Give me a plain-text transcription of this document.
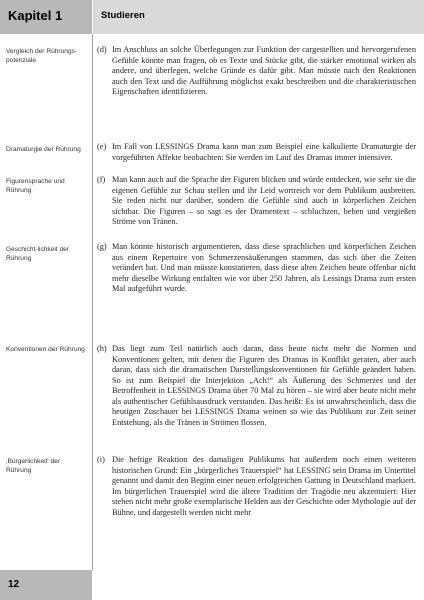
Kapitel 1	Studieren
Vergleich der Rührungs-potenziale
Dramaturgie der Rührung
Figurensprache und Rührung
Geschicht-lichkeit der Rührung
Konventionen der Rührung
‚Bürgerlichkeit' der Rührung
(d) Im Anschluss an solche Überlegungen zur Funktion der cargestellten und hervorgerufenen Gefühle könnte man fragen, ob es Texte und Stücke gibt, die stärker emotional wirken als andere, und überlegen, welche Gründe es dafür gibt. Man müsste nach den Reaktionen auch den Text und die Aufführung möglichst exakt beschreiben und die charakteristischen Eigenschaften identifizieren.
(e) Im Fall von LESSINGS Drama kann man zum Beispiel eine kalkulierte Dramaturgie der vorgeführten Affekte beobachten: Sie werden im Lauf des Dramas immer intensiver.
(f) Man kann auch auf die Sprache der Figuren blicken und würde entdecken, wie sehr sie die eigenen Gefühle zur Schau stellen und ihr Leid wortreich vor dem Publikum ausbreiten. Sie reden nicht nur darüber, sondern die Gefühle sind auch in körperlichen Zeichen sichtbar. Die Figuren – so sagt es der Dramentext – schluchzen, beben und vergießen Ströme von Tränen.
(g) Man könnte historisch argumentieren, dass diese sprachlichen und körperlichen Zeichen aus einem Repertoire von Schmerzensäußerungen stammen, das sich über die Zeiten verändert hat. Und man müsste konstatieren, dass diese alten Zeichen heute offenbar nicht mehr dieselbe Wirkung entfalten wie vor über 250 Jahren, als Lessings Drama zum ersten Mal aufgeführt wurde.
(h) Das liegt zum Teil natürlich auch daran, dass heute nicht mehr die Normen und Konventionen gelten, mit denen die Figuren des Dramas in Konflikt geraten, aber auch daran, dass sich die dramatischen Darstellungskonventionen für Gefühle geändert haben. So ist zum Beispiel die Interjektion „Ach!“ als Äußerung des Schmerzes und der Betroffenheit in LESSINGS Drama über 70 Mal zu hören – sie wird aber heute nicht mehr als authentischer Gefühlsausdruck verstanden. Das heißt: Es ist unwahrscheinlich, dass die heutigen Zuschauer bei LESSINGS Drama weinen so wie das Publikum zur Zeit seiner Entstehung, als die Tränen in Strömen flossen.
(i) Die heftige Reaktion des damaligen Publikums hat außerdem noch einen weiteren historischen Grund: Ein „bürgerliches Trauerspiel“ hat LESSING sein Drama im Untertitel genannt und damit den Beginn einer neuen erfolgreichen Gattung in Deutschland markiert. Im bürgerlichen Trauerspiel wird die ältere Tradition der Tragödie neu akzentuiert: Hier stehen nicht mehr große exemplarische Helden aus der Geschichte oder Mythologie auf der Bühne, und dargestellt werden nicht mehr
12
